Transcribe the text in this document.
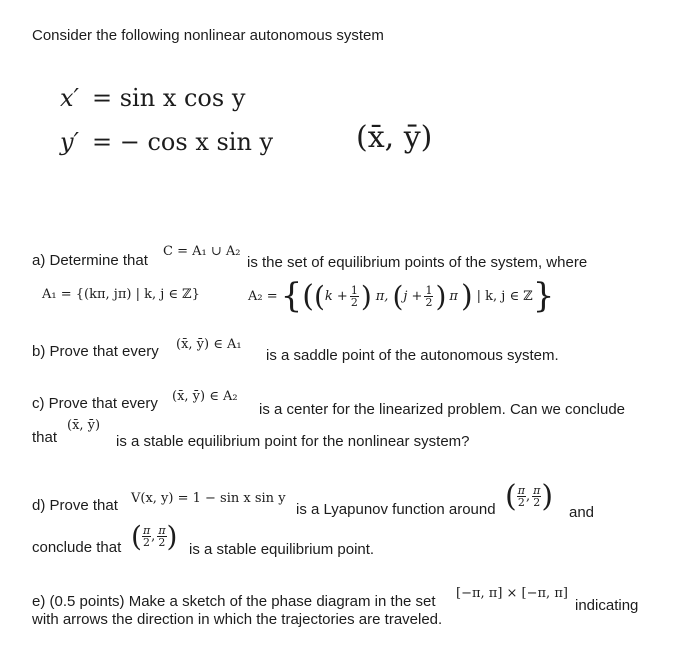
Consider the following nonlinear autonomous system
x′ = sin x cos y
y′ = − cos x sin y	(x̄, ȳ)
a) Determine that
C = A₁ ∪ A₂
is the set of equilibrium points of the system, where
A₁ = {(kπ, jπ) | k, j ∈ ℤ}	A₂ = { ( ( $k + \frac{1}{2}$ ) π, ( $j + \frac{1}{2}$ ) π ) | k, j ∈ ℤ }
b) Prove that every (x̄, ȳ) ∈ A₁
is a saddle point of the autonomous system.
c) Prove that every (x̄, ȳ) ∈ A₂
is a center for the linearized problem. Can we conclude
that
(x̄, ȳ)
is a stable equilibrium point for the nonlinear system?
d) Prove that V(x, y) = 1 − sin x sin y
is a Lyapunov function around ( $\frac{\pi}{2}$ , $\frac{\pi}{2}$ ) and
conclude that ( $\frac{\pi}{2}$ , $\frac{\pi}{2}$ ) is a stable equilibrium point.
e) (0.5 points) Make a sketch of the phase diagram in the set [−π, π] × [−π, π]
indicating
with arrows the direction in which the trajectories are traveled.
